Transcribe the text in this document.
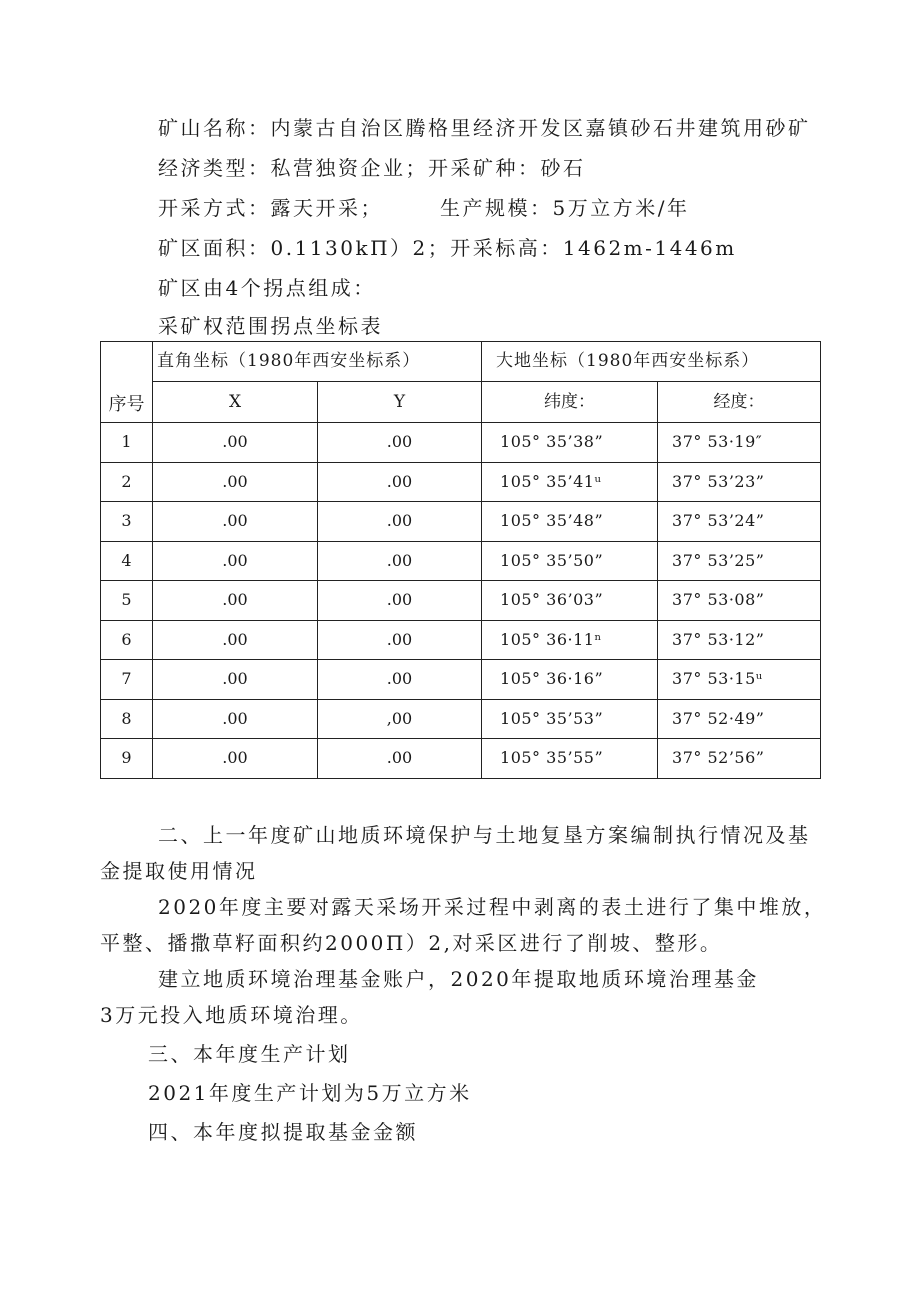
矿山名称：内蒙古自治区腾格里经济开发区嘉镇砂石井建筑用砂矿
经济类型：私营独资企业；开采矿种：砂石
开采方式：露天开采；	生产规模：5万立方米/年
矿区面积：0.1130kΠ）2；开采标高：1462m-1446m
矿区由4个拐点组成：
采矿权范围拐点坐标表
序号	直角坐标（1980年西安坐标系）		大地坐标（1980年西安坐标系）	
	X	Y	纬度：	经度：
1	.00	.00	105° 35’38”	37° 53·19″
2	.00	.00	105° 35’41ᵘ	37° 53’23”
3	.00	.00	105° 35’48”	37° 53’24”
4	.00	.00	105° 35’50”	37° 53’25”
5	.00	.00	105° 36’03”	37° 53·08”
6	.00	.00	105° 36·11ⁿ	37° 53·12”
7	.00	.00	105° 36·16”	37° 53·15ᵘ
8	.00	,00	105° 35’53”	37° 52·49”
9	.00	.00	105° 35’55”	37° 52’56”
二、上一年度矿山地质环境保护与土地复垦方案编制执行情况及基
金提取使用情况
2020年度主要对露天采场开采过程中剥离的表土进行了集中堆放，
平整、播撒草籽面积约2000Π）2,对采区进行了削坡、整形。
建立地质环境治理基金账户，2020年提取地质环境治理基金
3万元投入地质环境治理。
三、本年度生产计划
2021年度生产计划为5万立方米
四、本年度拟提取基金金额
